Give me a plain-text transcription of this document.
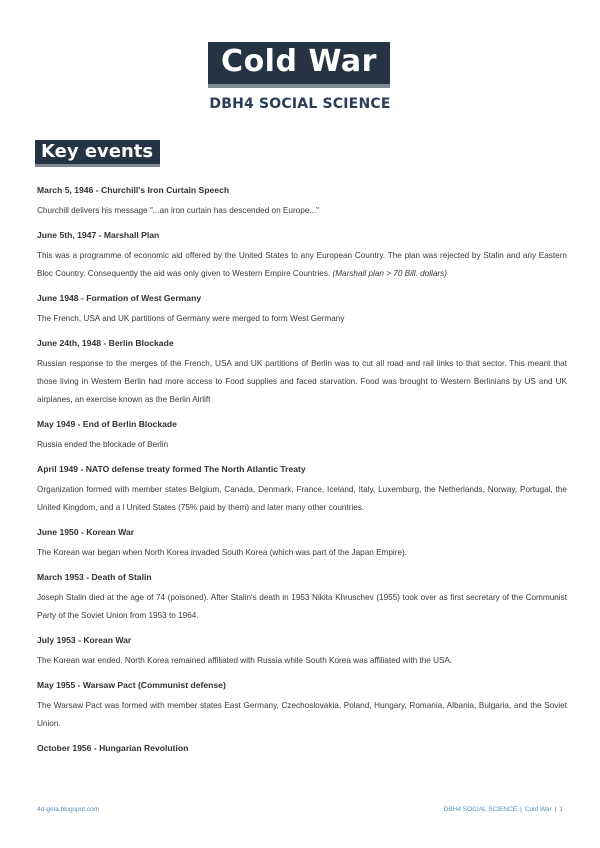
Cold War
DBH4 SOCIAL SCIENCE
Key events
March 5, 1946 - Churchill's Iron Curtain Speech
Churchill delivers his message "...an iron curtain has descended on Europe..."
June 5th, 1947 - Marshall Plan
This was a programme of economic aid offered by the United States to any European Country. The plan was rejected by Stalin and any Eastern Bloc Country. Consequently the aid was only given to Western Empire Countries. (Marshall plan > 70 Bill. dollars)
June 1948 - Formation of West Germany
The French, USA and UK partitions of Germany were merged to form West Germany
June 24th, 1948 - Berlin Blockade
Russian response to the merges of the French, USA and UK partitions of Berlin was to cut all road and rail links to that sector. This meant that those living in Western Berlin had more access to Food supplies and faced starvation. Food was brought to Western Berlinians by US and UK airplanes, an exercise known as the Berlin Airlift
May 1949 - End of Berlin Blockade
Russia ended the blockade of Berlin
April 1949 - NATO defense treaty formed The North Atlantic Treaty
Organization formed with member states Belgium, Canada, Denmark, France, Iceland, Italy, Luxemburg, the Netherlands, Norway, Portugal, the United Kingdom, and a l United States (75% paid by them) and later many other countries.
June 1950 - Korean War
The Korean war began when North Korea invaded South Korea (which was part of the Japan Empire).
March 1953 - Death of Stalin
Joseph Stalin died at the age of 74 (poisoned). After Stalin's death in 1953 Nikita Khruschev (1955) took over as first secretary of the Communist Party of the Soviet Union from 1953 to 1964.
July 1953 - Korean War
The Korean war ended. North Korea remained affiliated with Russia while South Korea was affiliated with the USA.
May 1955 - Warsaw Pact (Communist defense)
The Warsaw Pact was formed with member states East Germany, Czechoslovakia, Poland, Hungary, Romania, Albania, Bulgaria, and the Soviet Union.
October 1956 - Hungarian Revolution
4d-gela.blogspot.com	DBH4 SOCIAL SCIENCE | Cold War | 1
